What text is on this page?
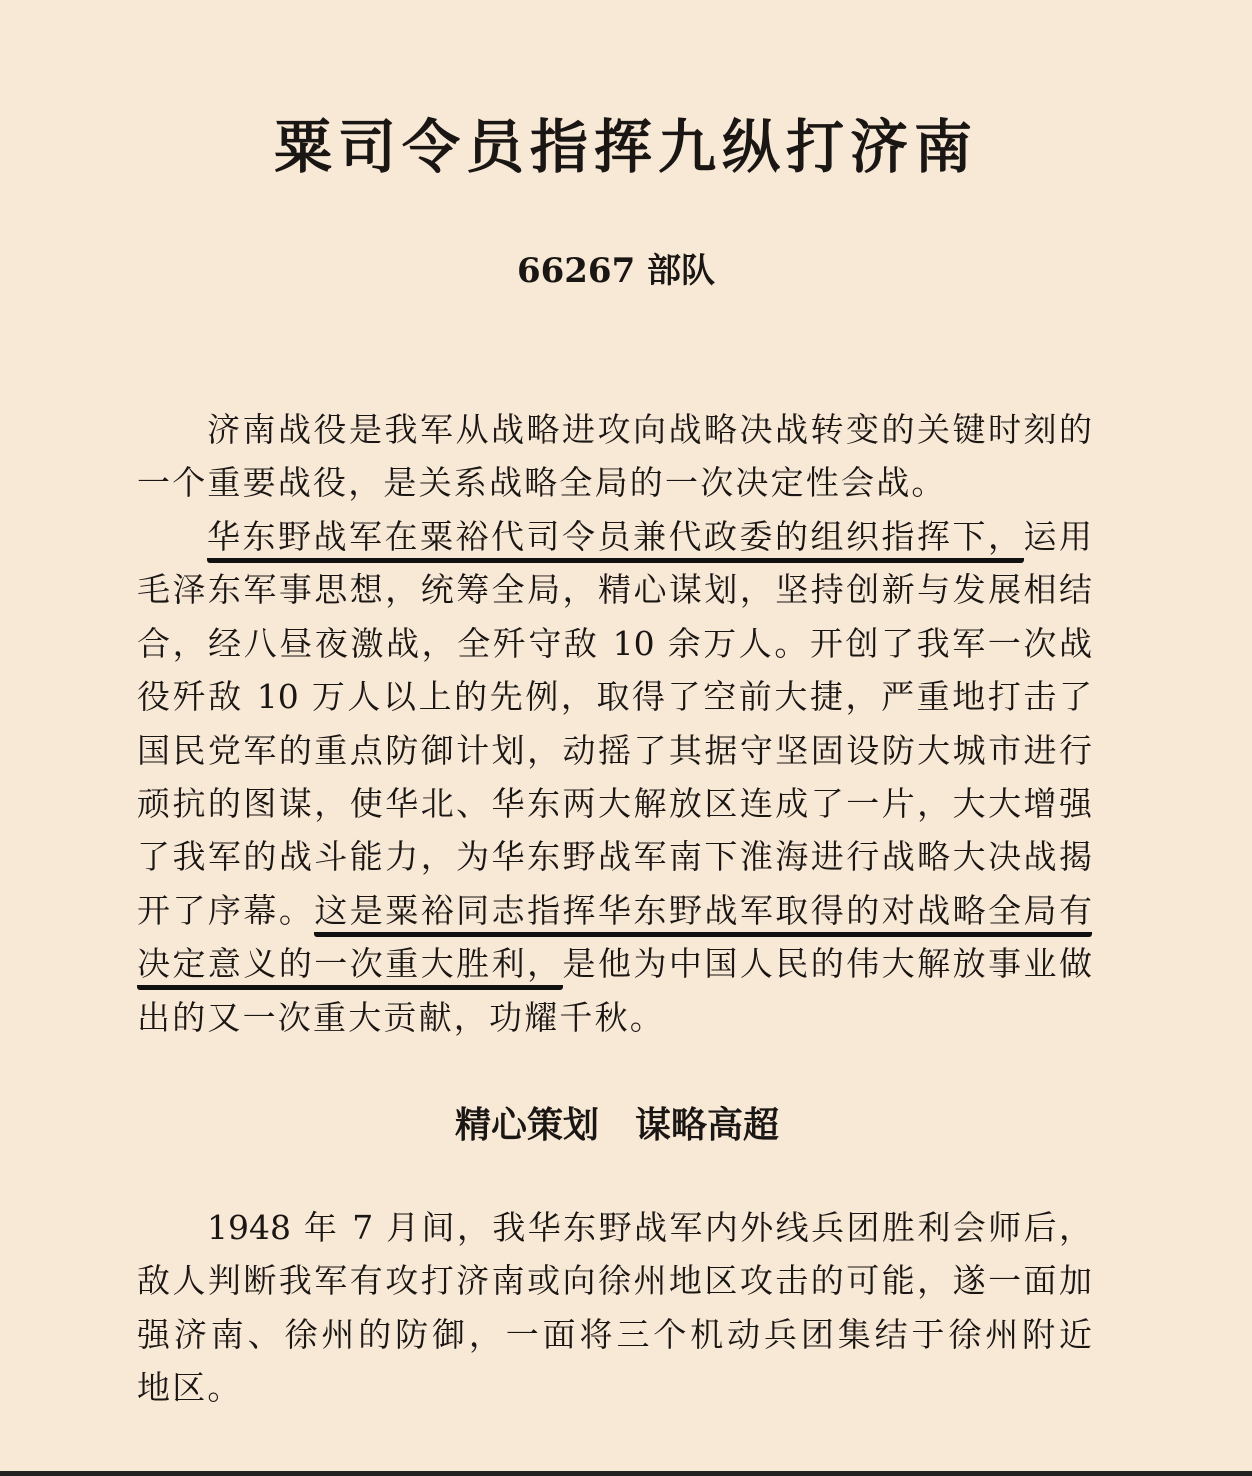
粟司令员指挥九纵打济南
66267 部队
济南战役是我军从战略进攻向战略决战转变的关键时刻的
一个重要战役，是关系战略全局的一次决定性会战。
华东野战军在粟裕代司令员兼代政委的组织指挥下，运用
毛泽东军事思想，统筹全局，精心谋划，坚持创新与发展相结
合，经八昼夜激战，全歼守敌 10 余万人。开创了我军一次战
役歼敌 10 万人以上的先例，取得了空前大捷，严重地打击了
国民党军的重点防御计划，动摇了其据守坚固设防大城市进行
顽抗的图谋，使华北、华东两大解放区连成了一片，大大增强
了我军的战斗能力，为华东野战军南下淮海进行战略大决战揭
开了序幕。这是粟裕同志指挥华东野战军取得的对战略全局有
决定意义的一次重大胜利，是他为中国人民的伟大解放事业做
出的又一次重大贡献，功耀千秋。
精心策划　谋略高超
1948 年 7 月间，我华东野战军内外线兵团胜利会师后，
敌人判断我军有攻打济南或向徐州地区攻击的可能，遂一面加
强济南、徐州的防御，一面将三个机动兵团集结于徐州附近
地区。
